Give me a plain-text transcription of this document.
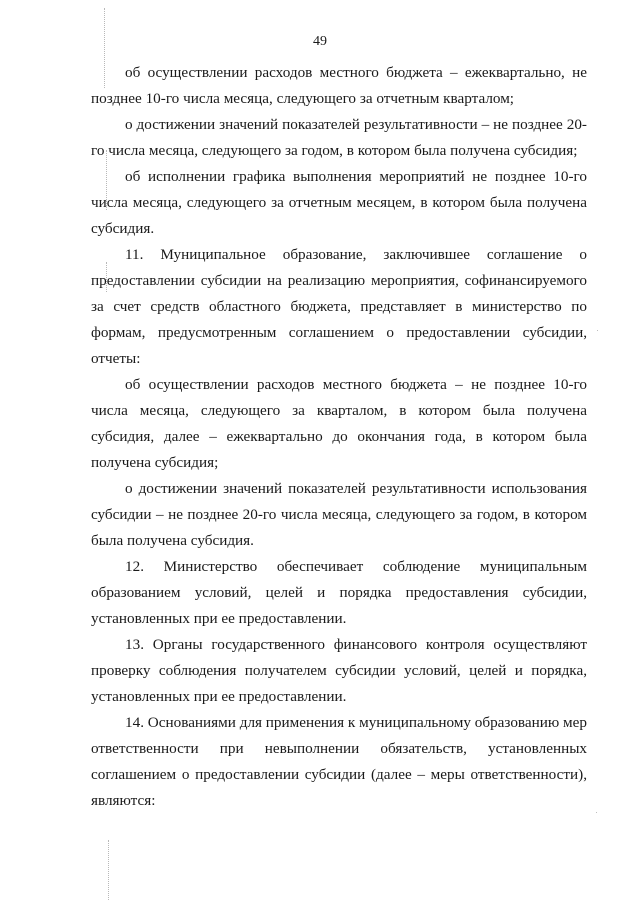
49

об осуществлении расходов местного бюджета – ежеквартально, не позднее 10-го числа месяца, следующего за отчетным кварталом;

о достижении значений показателей результативности – не позднее 20-го числа месяца, следующего за годом, в котором была получена субсидия;

об исполнении графика выполнения мероприятий не позднее 10-го числа месяца, следующего за отчетным месяцем, в котором была получена субсидия.

11. Муниципальное образование, заключившее соглашение о предоставлении субсидии на реализацию мероприятия, софинансируемого за счет средств областного бюджета, представляет в министерство по формам, предусмотренным соглашением о предоставлении субсидии, отчеты:

об осуществлении расходов местного бюджета – не позднее 10-го числа месяца, следующего за кварталом, в котором была получена субсидия, далее – ежеквартально до окончания года, в котором была получена субсидия;

о достижении значений показателей результативности использования субсидии – не позднее 20-го числа месяца, следующего за годом, в котором была получена субсидия.

12. Министерство обеспечивает соблюдение муниципальным образованием условий, целей и порядка предоставления субсидии, установленных при ее предоставлении.

13. Органы государственного финансового контроля осуществляют проверку соблюдения получателем субсидии условий, целей и порядка, установленных при ее предоставлении.

14. Основаниями для применения к муниципальному образованию мер ответственности при невыполнении обязательств, установленных соглашением о предоставлении субсидии (далее – меры ответственности), являются:
